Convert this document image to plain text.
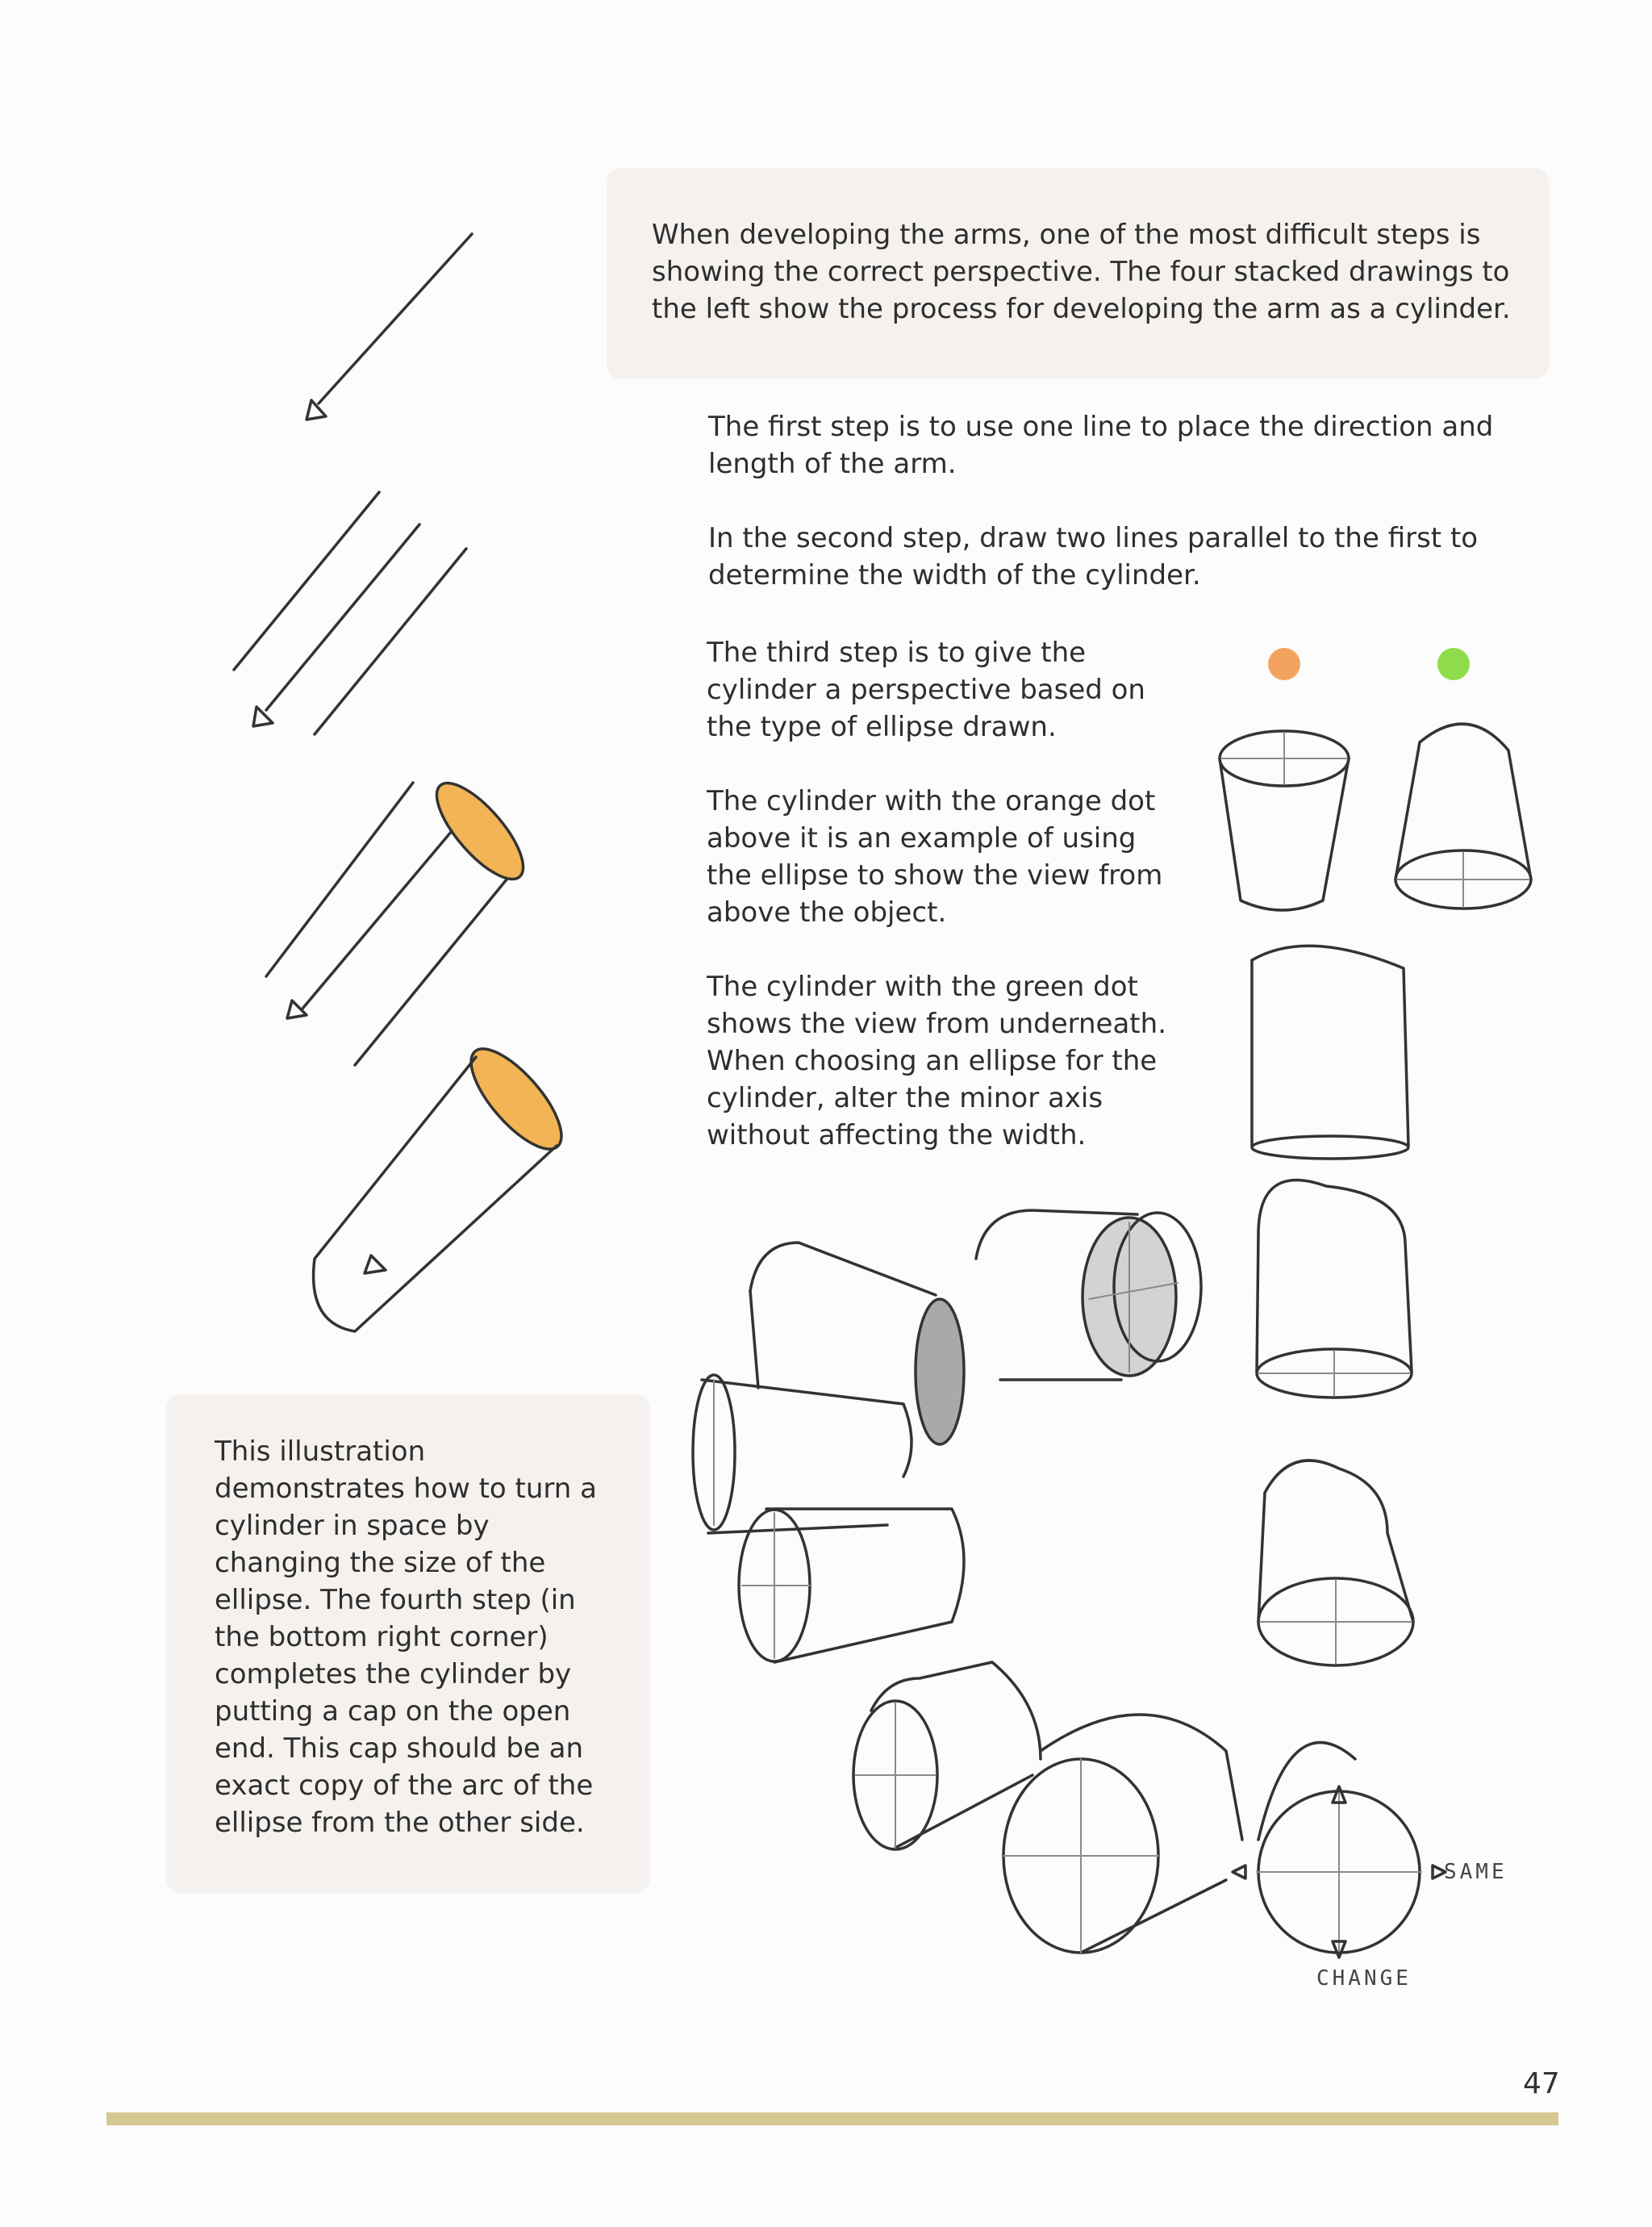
When developing the arms, one of the most difficult steps is showing the correct perspective. The four stacked drawings to the left show the process for developing the arm as a cylinder.

The first step is to use one line to place the direction and length of the arm.

In the second step, draw two lines parallel to the first to determine the width of the cylinder.

The third step is to give the cylinder a perspective based on the type of ellipse drawn.

The cylinder with the orange dot above it is an example of using the ellipse to show the view from above the object.

The cylinder with the green dot shows the view from underneath. When choosing an ellipse for the cylinder, alter the minor axis without affecting the width.

This illustration demonstrates how to turn a cylinder in space by changing the size of the ellipse. The fourth step (in the bottom right corner) completes the cylinder by putting a cap on the open end. This cap should be an exact copy of the arc of the ellipse from the other side.

SAME
CHANGE
47
